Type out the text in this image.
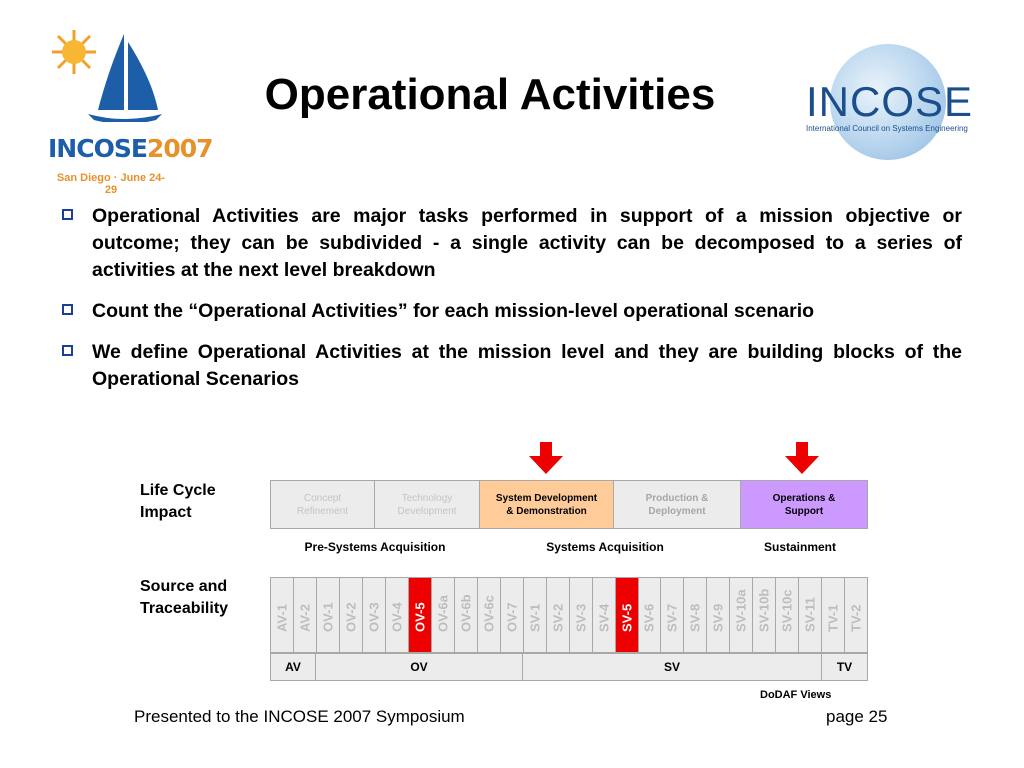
INCOSE2007
San Diego · June 24-29
INCOSE
International Council on Systems Engineering
Operational Activities
Operational Activities are major tasks performed in support of a mission objective or outcome; they can be subdivided - a single activity can be decomposed to a series of activities at the next level breakdown
Count the “Operational Activities” for each mission-level operational scenario
We define Operational Activities at the mission level and they are building blocks of the Operational Scenarios
Life Cycle
Impact
Source and
Traceability
Concept
Refinement
Technology
Development
System Development
& Demonstration
Production &
Deployment
Operations &
Support
Pre-Systems Acquisition	Systems Acquisition	Sustainment
AV-1 AV-2 OV-1 OV-2 OV-3 OV-4 OV-5 OV-6a OV-6b OV-6c OV-7 SV-1 SV-2 SV-3 SV-4 SV-5 SV-6 SV-7 SV-8 SV-9 SV-10a SV-10b SV-10c SV-11 TV-1 TV-2
AV	OV	SV	TV
DoDAF Views
Presented to the INCOSE 2007 Symposium	page 25
